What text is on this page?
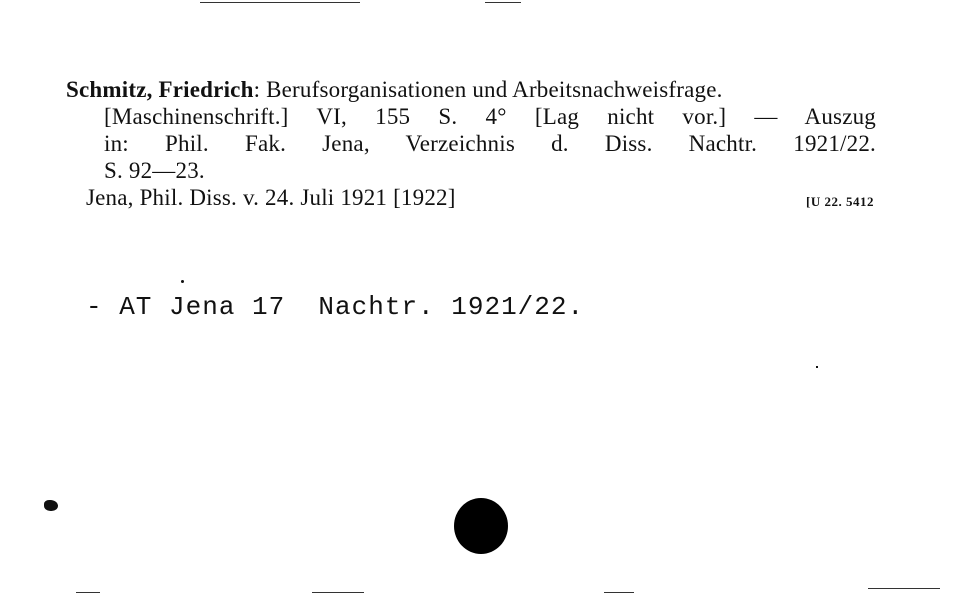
Schmitz, Friedrich: Berufsorganisationen und Arbeitsnachweisfrage.
[Maschinenschrift.] VI, 155 S. 4° [Lag nicht vor.] — Auszug
in: Phil. Fak. Jena, Verzeichnis d. Diss. Nachtr. 1921/22.
S. 92—23.
Jena, Phil. Diss. v. 24. Juli 1921 [1922]	[U 22. 5412
- AT Jena 17  Nachtr. 1921/22.
